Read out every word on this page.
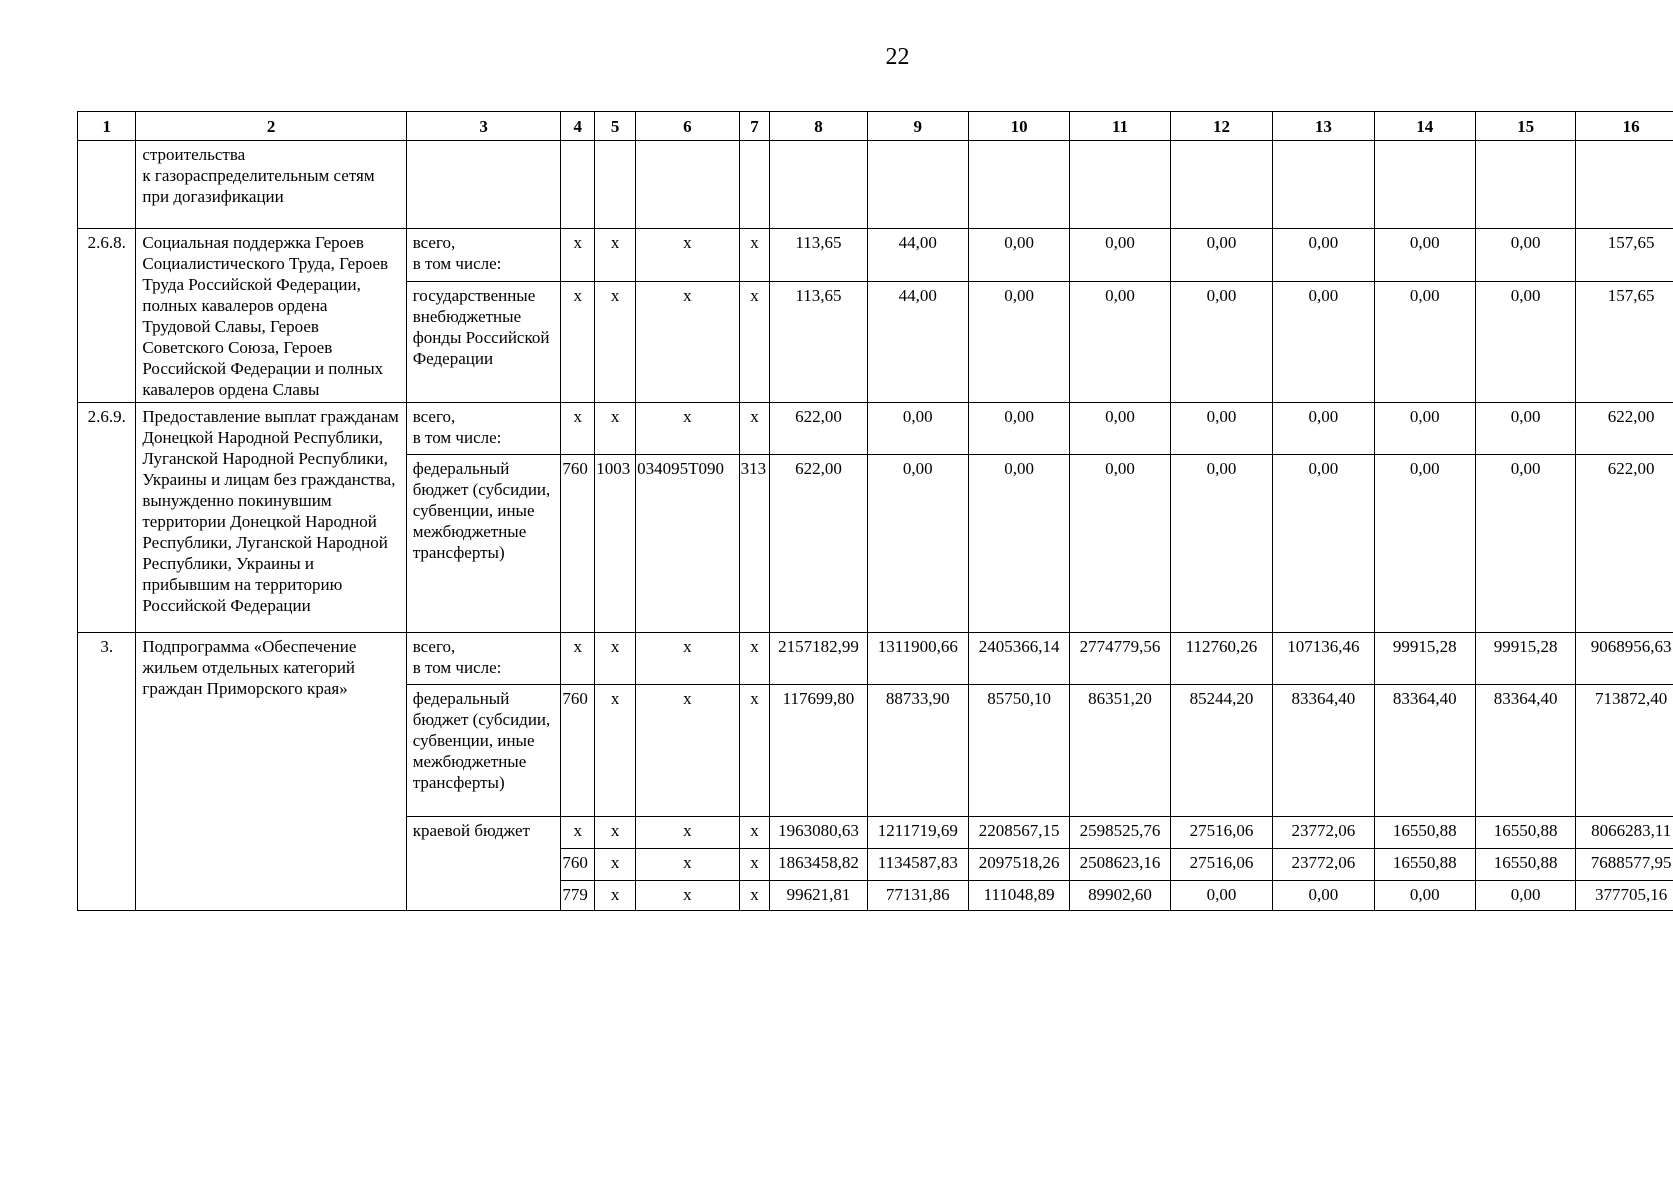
22
1	2	3	4	5	6	7	8	9	10	11	12	13	14	15	16
	строительства
к газораспределительным сетям
при догазификации														
2.6.8.	Социальная поддержка Героев Социалистического Труда, Героев Труда Российской Федерации, полных кавалеров ордена Трудовой Славы, Героев Советского Союза, Героев Российской Федерации и полных кавалеров ордена Славы	всего,
в том числе:	x	x	x	x	113,65	44,00	0,00	0,00	0,00	0,00	0,00	0,00	157,65
		государственные внебюджетные фонды Российской Федерации	x	x	x	x	113,65	44,00	0,00	0,00	0,00	0,00	0,00	0,00	157,65
2.6.9.	Предоставление выплат гражданам Донецкой Народной Республики, Луганской Народной Республики, Украины и лицам без гражданства, вынужденно покинувшим территории Донецкой Народной Республики, Луганской Народной Республики, Украины и прибывшим на территорию Российской Федерации	всего,
в том числе:	x	x	x	x	622,00	0,00	0,00	0,00	0,00	0,00	0,00	0,00	622,00
		федеральный бюджет (субсидии, субвенции, иные межбюджетные трансферты)	760	1003	034095Т090	313	622,00	0,00	0,00	0,00	0,00	0,00	0,00	0,00	622,00
3.	Подпрограмма «Обеспечение жильем отдельных категорий граждан Приморского края»	всего,
в том числе:	x	x	x	x	2157182,99	1311900,66	2405366,14	2774779,56	112760,26	107136,46	99915,28	99915,28	9068956,63
		федеральный бюджет (субсидии, субвенции, иные межбюджетные трансферты)	760	x	x	x	117699,80	88733,90	85750,10	86351,20	85244,20	83364,40	83364,40	83364,40	713872,40
		краевой бюджет	x	x	x	x	1963080,63	1211719,69	2208567,15	2598525,76	27516,06	23772,06	16550,88	16550,88	8066283,11
			760	x	x	x	1863458,82	1134587,83	2097518,26	2508623,16	27516,06	23772,06	16550,88	16550,88	7688577,95
			779	x	x	x	99621,81	77131,86	111048,89	89902,60	0,00	0,00	0,00	0,00	377705,16
